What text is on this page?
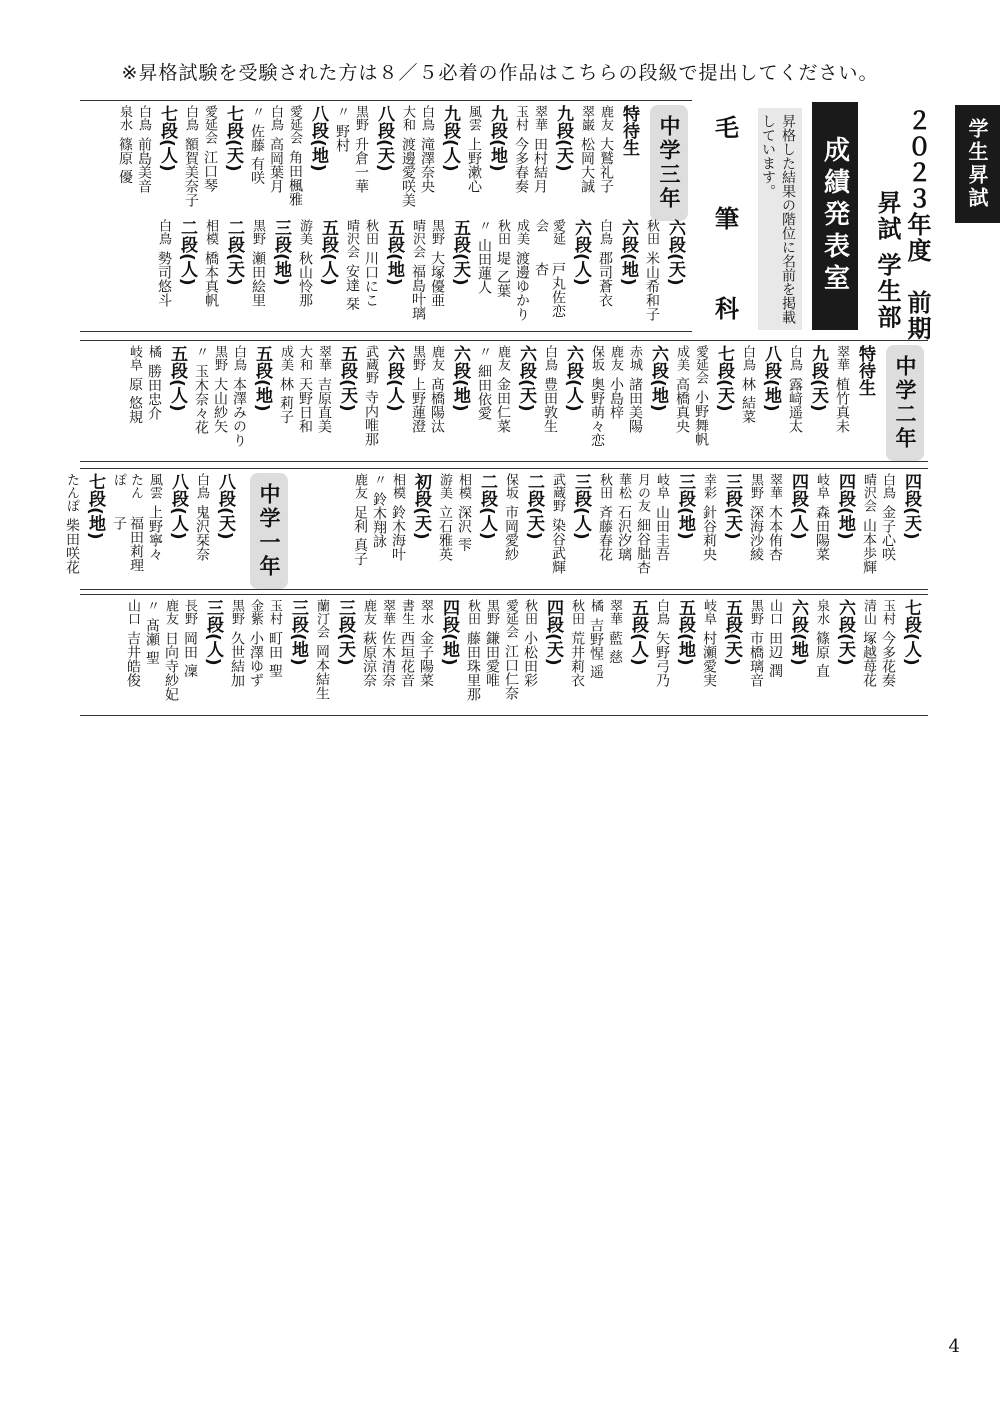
※昇格試験を受験された方は８／５必着の作品はこちらの段級で提出してください。
学生昇試
２０２３年度　前期
昇試 学生部
成績発表室
昇格した結果の階位に名前を掲載しています。
毛
筆
科
中学三年
特待生
鹿友
大鷲礼子
翠巌
松岡大誠
九段(天)
翠華
田村結月
玉村
今多春奏
九段(地)
風雲
上野漱心
九段(人)
白鳥
滝澤奈央
大和
渡邊愛咲美
八段(天)
黒野
升倉一華
〃
野村
八段(地)
愛延会
角田楓雅
白鳥
高岡葉月
〃
佐藤 有咲
七段(天)
愛延会
江口琴
白鳥
額賀美奈子
七段(人)
白鳥
前島美音
泉水
篠原 優
六段(天)
秋田
米山希和子
六段(地)
白鳥
郡司蒼衣
六段(人)
愛延会
戸丸佐恋杏
成美
渡邊ゆかり
秋田
堤 乙葉
〃
山田蓮人
五段(天)
黒野
大塚優亜
晴沢会
福島叶璃
五段(地)
秋田
川口にこ
晴沢会
安達 栞
五段(人)
游美
秋山怜那
三段(地)
黒野
瀬田絵里
二段(天)
相模
橋本真帆
二段(人)
白鳥
勢司悠斗
中学二年
特待生
翠華
植竹真未
九段(天)
白鳥
露﨑遥太
八段(地)
白鳥
林 結菜
七段(天)
愛延会
小野舞帆
成美
高橋真央
六段(地)
赤城
諸田美陽
鹿友
小島梓
保坂
奥野萌々恋
六段(人)
白鳥
豊田敦生
六段(天)
鹿友
金田仁菜
〃
細田依愛
六段(地)
鹿友
髙橋陽汰
黒野
上野蓮澄
六段(人)
武蔵野
寺内唯那
五段(天)
翠華
吉原直美
大和
天野日和
成美
林 莉子
五段(地)
白鳥
本澤みのり
黒野
大山紗矢
〃
玉木奈々花
五段(人)
橘
勝田忠介
岐阜
原 悠規
四段(天)
白鳥
金子心咲
晴沢会
山本歩輝
四段(地)
岐阜
森田陽菜
四段(人)
翠華
木本侑杏
黒野
深海沙綾
三段(天)
幸彩
針谷莉央
三段(地)
岐阜
山田圭吾
月の友
細谷朏杏
華松
石沢汐璃
秋田
斉藤春花
三段(人)
武蔵野
染谷武輝
二段(天)
保坂
市岡愛紗
二段(人)
相模
深沢 雫
游美
立石雅英
初段(天)
相模
鈴木海叶
〃
鈴木翔詠
鹿友
足利 真子
中学一年
八段(天)
白鳥
鬼沢栞奈
八段(人)
風雲
上野寧々
たんぽ
福田莉理子
七段(地)
たんぽ
柴田咲花
七段(人)
玉村
今多花奏
清山
塚越苺花
六段(天)
泉水
篠原 直
六段(地)
山口
田辺 潤
黒野
市橋璃音
五段(天)
岐阜
村瀬愛実
五段(地)
白鳥
矢野弓乃
五段(人)
翠華
藍 慈
橘
吉野惺 遥
秋田
荒井莉衣
四段(天)
秋田
小松田彩
愛延会
江口仁奈
黒野
鎌田愛唯
秋田
藤田珠里那
四段(地)
翠水
金子陽菜
書生
西垣花音
翠華
佐木清奈
鹿友
萩原涼奈
三段(天)
蘭汀会
岡本結生
三段(地)
玉村
町田 聖
金紫
小澤ゆず
黒野
久世結加
三段(人)
長野
岡田 凜
鹿友
日向寺紗妃
〃
髙瀬 聖
山口
吉井皓俊
4
